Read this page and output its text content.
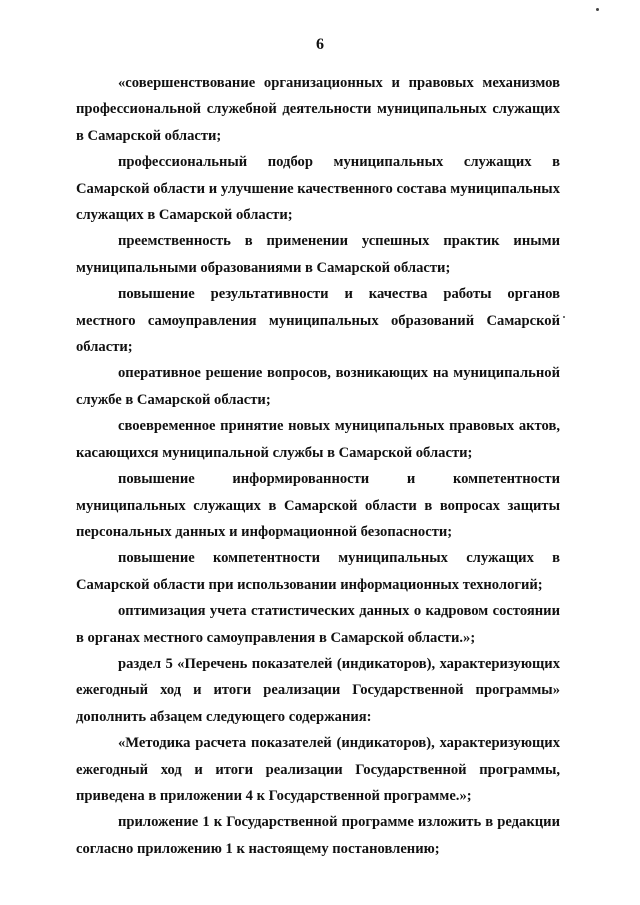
6

«совершенствование организационных и правовых механизмов профессиональной служебной деятельности муниципальных служащих в Самарской области;

профессиональный подбор муниципальных служащих в Самарской области и улучшение качественного состава муниципальных служащих в Самарской области;

преемственность в применении успешных практик иными муниципальными образованиями в Самарской области;

повышение результативности и качества работы органов местного самоуправления муниципальных образований Самарской области;

оперативное решение вопросов, возникающих на муниципальной службе в Самарской области;

своевременное принятие новых муниципальных правовых актов, касающихся муниципальной службы в Самарской области;

повышение информированности и компетентности муниципальных служащих в Самарской области в вопросах защиты персональных данных и информационной безопасности;

повышение компетентности муниципальных служащих в Самарской области при использовании информационных технологий;

оптимизация учета статистических данных о кадровом состоянии в органах местного самоуправления в Самарской области.»;

раздел 5 «Перечень показателей (индикаторов), характеризующих ежегодный ход и итоги реализации Государственной программы» дополнить абзацем следующего содержания:

«Методика расчета показателей (индикаторов), характеризующих ежегодный ход и итоги реализации Государственной программы, приведена в приложении 4 к Государственной программе.»;

приложение 1 к Государственной программе изложить в редакции согласно приложению 1 к настоящему постановлению;
